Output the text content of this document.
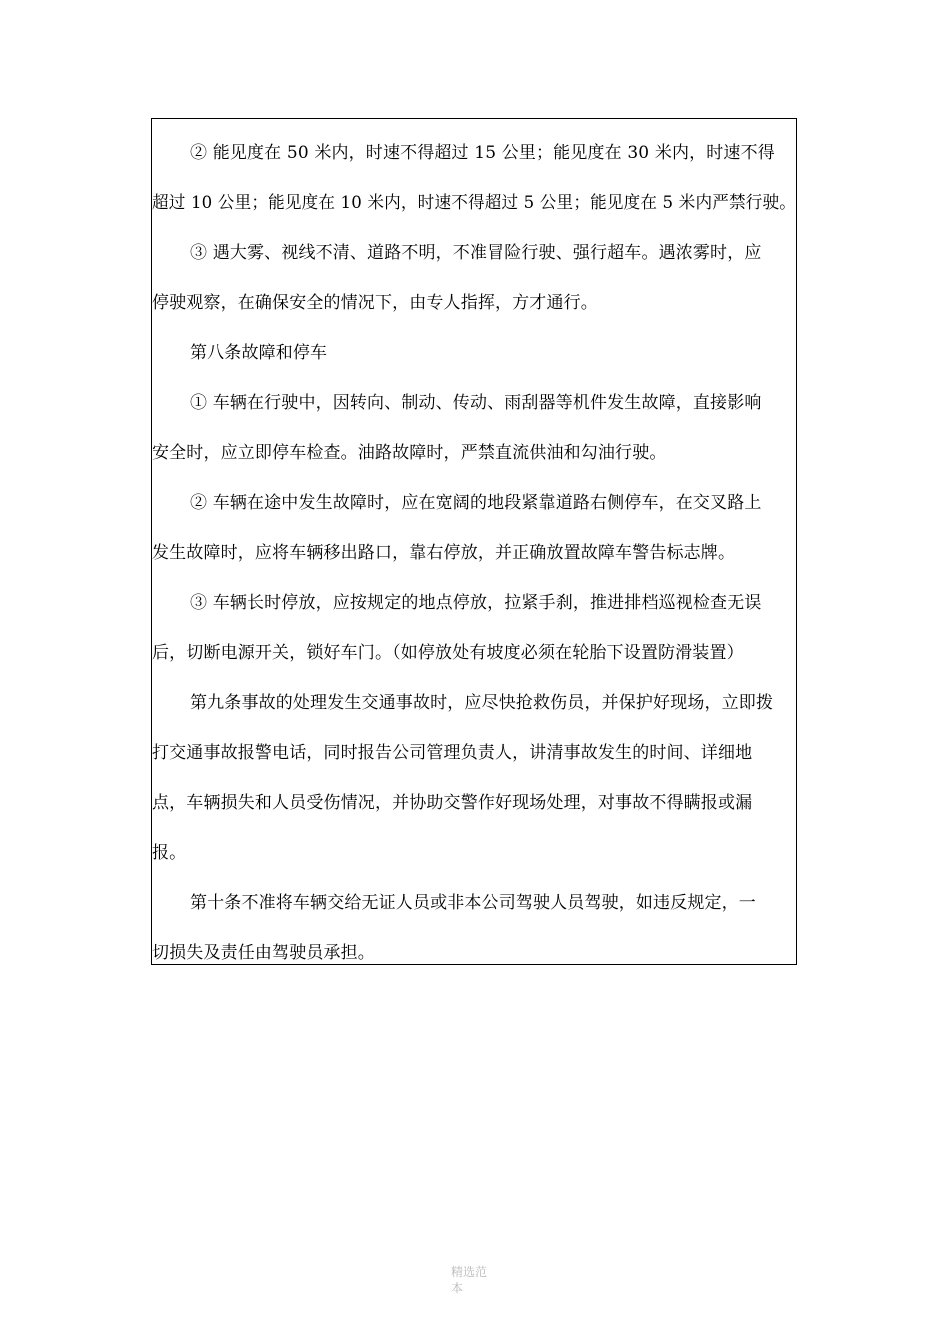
② 能见度在 50 米内，时速不得超过 15 公里；能见度在 30 米内，时速不得
超过 10 公里；能见度在 10 米内，时速不得超过 5 公里；能见度在 5 米内严禁行驶。
③ 遇大雾、视线不清、道路不明，不准冒险行驶、强行超车。遇浓雾时，应
停驶观察，在确保安全的情况下，由专人指挥，方才通行。
第八条故障和停车
① 车辆在行驶中，因转向、制动、传动、雨刮器等机件发生故障，直接影响
安全时，应立即停车检查。油路故障时，严禁直流供油和勾油行驶。
② 车辆在途中发生故障时，应在宽阔的地段紧靠道路右侧停车，在交叉路上
发生故障时，应将车辆移出路口，靠右停放，并正确放置故障车警告标志牌。
③ 车辆长时停放，应按规定的地点停放，拉紧手刹，推进排档巡视检查无误
后，切断电源开关，锁好车门。（如停放处有坡度必须在轮胎下设置防滑装置）
第九条事故的处理发生交通事故时，应尽快抢救伤员，并保护好现场，立即拨
打交通事故报警电话，同时报告公司管理负责人，讲清事故发生的时间、详细地
点，车辆损失和人员受伤情况，并协助交警作好现场处理，对事故不得瞒报或漏
报。
第十条不准将车辆交给无证人员或非本公司驾驶人员驾驶，如违反规定，一
切损失及责任由驾驶员承担。
精选范
本
